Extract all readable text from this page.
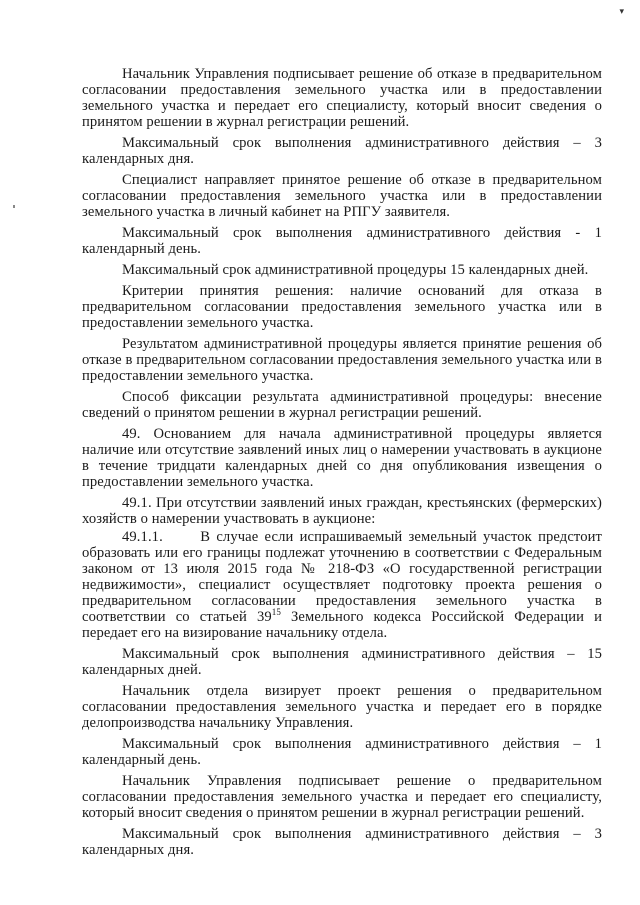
▾

Начальник Управления подписывает решение об отказе в предварительном согласовании предоставления земельного участка или в предоставлении земельного участка и передает его специалисту, который вносит сведения о принятом решении в журнал регистрации решений.

Максимальный срок выполнения административного действия – 3 календарных дня.

Специалист направляет принятое решение об отказе в предварительном согласовании предоставления земельного участка или в предоставлении земельного участка в личный кабинет на РПГУ заявителя.

Максимальный срок выполнения административного действия - 1 календарный день.

Максимальный срок административной процедуры 15 календарных дней.

Критерии принятия решения: наличие оснований для отказа в предварительном согласовании предоставления земельного участка или в предоставлении земельного участка.

Результатом административной процедуры является принятие решения об отказе в предварительном согласовании предоставления земельного участка или в предоставлении земельного участка.

Способ фиксации результата административной процедуры: внесение сведений о принятом решении в журнал регистрации решений.

49. Основанием для начала административной процедуры является наличие или отсутствие заявлений иных лиц о намерении участвовать в аукционе в течение тридцати календарных дней со дня опубликования извещения о предоставлении земельного участка.

49.1. При отсутствии заявлений иных граждан, крестьянских (фермерских) хозяйств о намерении участвовать в аукционе:

49.1.1.	В случае если испрашиваемый земельный участок предстоит образовать или его границы подлежат уточнению в соответствии с Федеральным законом от 13 июля 2015 года № 218-ФЗ «О государственной регистрации недвижимости», специалист осуществляет подготовку проекта решения о предварительном согласовании предоставления земельного участка в соответствии со статьей $39^{15}$ Земельного кодекса Российской Федерации и передает его на визирование начальнику отдела.

Максимальный срок выполнения административного действия – 15 календарных дней.

Начальник отдела визирует проект решения о предварительном согласовании предоставления земельного участка и передает его в порядке делопроизводства начальнику Управления.

Максимальный срок выполнения административного действия – 1 календарный день.

Начальник Управления подписывает решение о предварительном согласовании предоставления земельного участка и передает его специалисту, который вносит сведения о принятом решении в журнал регистрации решений.

Максимальный срок выполнения административного действия – 3 календарных дня.
